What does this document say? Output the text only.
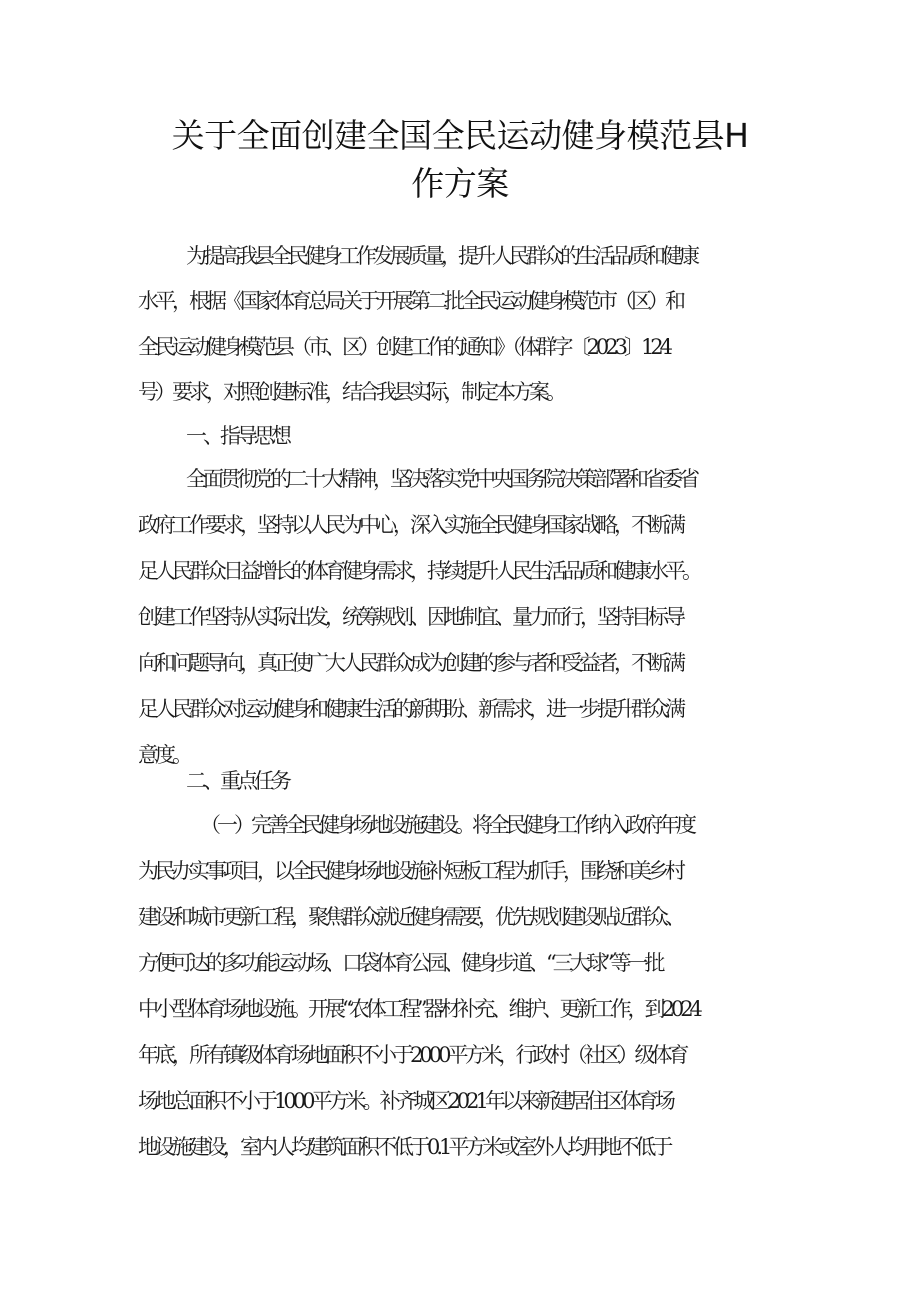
关于全面创建全国全民运动健身模范县H
作方案
为提高我县全民健身工作发展质量，提升人民群众的生活品质和健康
水平，根据《国家体育总局关于开展第二批全民运动健身模范市（区）和
全民运动健身模范县（市、区）创建工作的通知》（体群字〔2023〕124
号）要求，对照创建标准，结合我县实际，制定本方案。
一、指导思想
全面贯彻党的二十大精神，坚决落实党中央国务院决策部署和省委省
政府工作要求，坚持以人民为中心，深入实施全民健身国家战略，不断满
足人民群众日益增长的体育健身需求，持续提升人民生活品质和健康水平。
创建工作坚持从实际出发，统筹规划、因地制宜、量力而行，坚持目标导
向和问题导向，真正使广大人民群众成为创建的参与者和受益者，不断满
足人民群众对运动健身和健康生活的新期盼、新需求，进一步提升群众满
意度。
二、重点任务
（一）完善全民健身场地设施建设。将全民健身工作纳入政府年度
为民办实事项目，以全民健身场地设施补短板工程为抓手，围绕和美乡村
建设和城市更新工程，聚焦群众就近健身需要，优先规划建设贴近群众、
方便可达的多功能运动场、口袋体育公园、健身步道、“三大球”等一批
中小型体育场地设施。开展“农体工程”器材补充、维护、更新工作，到2024
年底，所有镇级体育场地面积不小于2000平方米，行政村（社区）级体育
场地总面积不小于1000平方米。补齐城区2021年以来新建居住区体育场
地设施建设，室内人均建筑面积不低于0.1平方米或室外人均用地不低于
